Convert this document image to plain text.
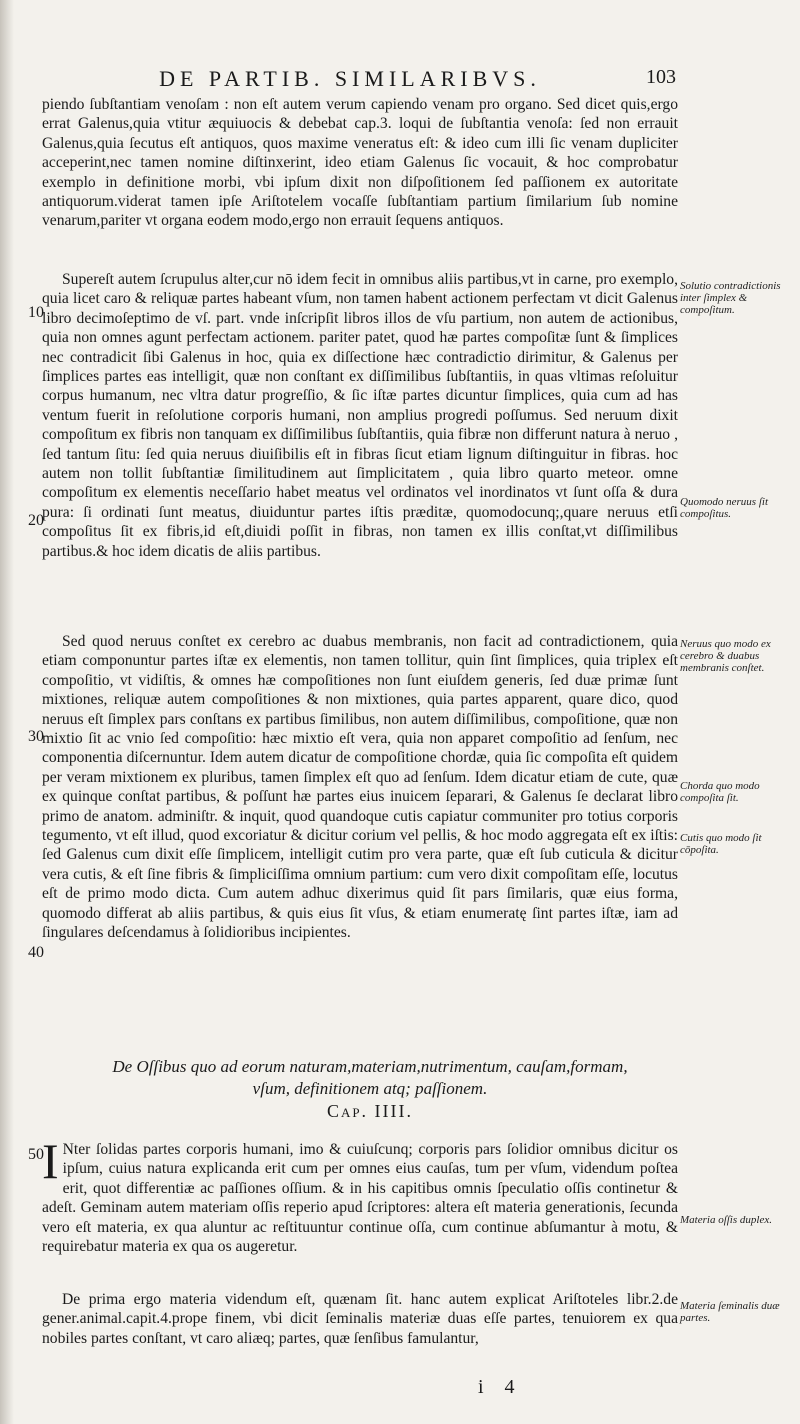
DE PARTIB. SIMILARIBVS.	103
10
20
30
40
50

piendo ſubſtantiam venoſam : non eſt autem verum capiendo venam pro organo. Sed dicet quis,ergo errat Galenus,quia vtitur æquiuocis & debebat cap.3. loqui de ſubſtantia venoſa: ſed non errauit Galenus,quia ſecutus eſt antiquos, quos maxime veneratus eſt: & ideo cum illi ſic venam dupliciter acceperint,nec tamen nomine diſtinxerint, ideo etiam Galenus ſic vocauit, & hoc comprobatur exemplo in definitione morbi, vbi ipſum dixit non diſpoſitionem ſed paſſionem ex autoritate antiquorum.viderat tamen ipſe Ariſtotelem vocaſſe ſubſtantiam partium ſimilarium ſub nomine venarum,pariter vt organa eodem modo,ergo non errauit ſequens antiquos.

Supereſt autem ſcrupulus alter,cur nō idem fecit in omnibus aliis partibus,vt in carne, pro exemplo, quia licet caro & reliquæ partes habeant vſum, non tamen habent actionem perfectam vt dicit Galenus libro decimoſeptimo de vſ. part. vnde inſcripſit libros illos de vſu partium, non autem de actionibus, quia non omnes agunt perfectam actionem. pariter patet, quod hæ partes compoſitæ ſunt & ſimplices nec contradicit ſibi Galenus in hoc, quia ex diſſectione hæc contradictio dirimitur, & Galenus per ſimplices partes eas intelligit, quæ non conſtant ex diſſimilibus ſubſtantiis, in quas vltimas reſoluitur corpus humanum, nec vltra datur progreſſio, & ſic iſtæ partes dicuntur ſimplices, quia cum ad has ventum fuerit in reſolutione corporis humani, non amplius progredi poſſumus. Sed neruum dixit compoſitum ex fibris non tanquam ex diſſimilibus ſubſtantiis, quia fibræ non differunt natura à neruo , ſed tantum ſitu: ſed quia neruus diuiſibilis eſt in fibras ſicut etiam lignum diſtinguitur in fibras. hoc autem non tollit ſubſtantiæ ſimilitudinem aut ſimplicitatem , quia libro quarto meteor. omne compoſitum ex elementis neceſſario habet meatus vel ordinatos vel inordinatos vt ſunt oſſa & dura pura: ſi ordinati ſunt meatus, diuiduntur partes iſtis præditæ, quomodocunq;,quare neruus etſi compoſitus ſit ex fibris,id eſt,diuidi poſſit in fibras, non tamen ex illis conſtat,vt diſſimilibus partibus.& hoc idem dicatis de aliis partibus.

Sed quod neruus conſtet ex cerebro ac duabus membranis, non facit ad contradictionem, quia etiam componuntur partes iſtæ ex elementis, non tamen tollitur, quin ſint ſimplices, quia triplex eſt compoſitio, vt vidiſtis, & omnes hæ compoſitiones non ſunt eiuſdem generis, ſed duæ primæ ſunt mixtiones, reliquæ autem compoſitiones & non mixtiones, quia partes apparent, quare dico, quod neruus eſt ſimplex pars conſtans ex partibus ſimilibus, non autem diſſimilibus, compoſitione, quæ non mixtio ſit ac vnio ſed compoſitio: hæc mixtio eſt vera, quia non apparet compoſitio ad ſenſum, nec componentia diſcernuntur. Idem autem dicatur de compoſitione chordæ, quia ſic compoſita eſt quidem per veram mixtionem ex pluribus, tamen ſimplex eſt quo ad ſenſum. Idem dicatur etiam de cute, quæ ex quinque conſtat partibus, & poſſunt hæ partes eius inuicem ſeparari, & Galenus ſe declarat libro primo de anatom. adminiſtr. & inquit, quod quandoque cutis capiatur communiter pro totius corporis tegumento, vt eſt illud, quod excoriatur & dicitur corium vel pellis, & hoc modo aggregata eſt ex iſtis: ſed Galenus cum dixit eſſe ſimplicem, intelligit cutim pro vera parte, quæ eſt ſub cuticula & dicitur vera cutis, & eſt ſine fibris & ſimpliciſſima omnium partium: cum vero dixit compoſitam eſſe, locutus eſt de primo modo dicta. Cum autem adhuc dixerimus quid ſit pars ſimilaris, quæ eius forma, quomodo differat ab aliis partibus, & quis eius ſit vſus, & etiam enumeratę ſint partes iſtæ, iam ad ſingulares deſcendamus à ſolidioribus incipientes.

De Oſſibus quo ad eorum naturam,materiam,nutrimentum, cauſam,formam,
vſum, definitionem atq; paſſionem.
Cap. IIII.
I Nter ſolidas partes corporis humani, imo & cuiuſcunq; corporis pars ſolidior omnibus dicitur os ipſum, cuius natura explicanda erit cum per omnes eius cauſas, tum per vſum, videndum poſtea erit, quot differentiæ ac paſſiones oſſium. & in his capitibus omnis ſpeculatio oſſis continetur & adeſt. Geminam autem materiam oſſis reperio apud ſcriptores: altera eſt materia generationis, ſecunda vero eſt materia, ex qua aluntur ac reſtituuntur continue oſſa, cum continue abſumantur à motu, & requirebatur materia ex qua os augeretur.

De prima ergo materia videndum eſt, quænam ſit. hanc autem explicat Ariſtoteles libr.2.de gener.animal.capit.4.prope finem, vbi dicit ſeminalis materiæ duas eſſe partes, tenuiorem ex qua nobiles partes conſtant, vt caro aliæq; partes, quæ ſenſibus famulantur,

Solutio contradictionis inter ſimplex & compoſitum.
Quomodo neruus ſit compoſitus.
Neruus quo modo ex cerebro & duabus membranis conſtet.
Chorda quo modo compoſita ſit.
Cutis quo modo ſit cōpoſita.
Materia oſſis duplex.
Materia ſeminalis duæ partes.
i 4
